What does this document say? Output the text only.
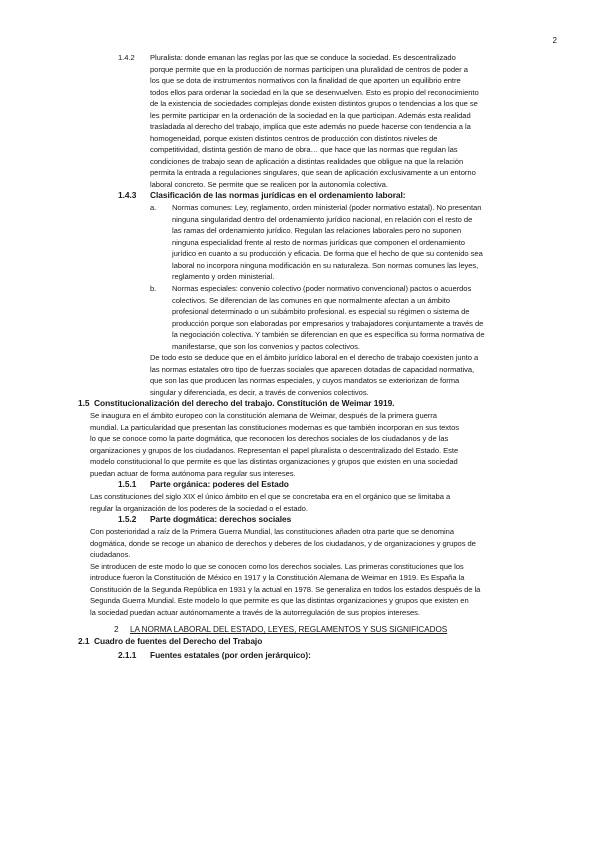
2
1.4.2 Pluralista: donde emanan las reglas por las que se conduce la sociedad. Es descentralizado
porque permite que en la producción de normas participen una pluralidad de centros de poder a
los que se dota de instrumentos normativos con la finalidad de que aporten un equilibrio entre
todos ellos para ordenar la sociedad en la que se desenvuelven. Esto es propio del reconocimiento
de la existencia de sociedades complejas donde existen distintos grupos o tendencias a los que se
les permite participar en la ordenación de la sociedad en la que participan. Además esta realidad
trasladada al derecho del trabajo, implica que este además no puede hacerse con tendencia a la
homogeneidad, porque existen distintos centros de producción con distintos niveles de
competitividad, distinta gestión de mano de obra… que hace que las normas que regulan las
condiciones de trabajo sean de aplicación a distintas realidades que obligue na que la relación
permita la entrada a regulaciones singulares, que sean de aplicación exclusivamente a un entorno
laboral concreto. Se permite que se realicen por la autonomía colectiva.
1.4.3 Clasificación de las normas jurídicas en el ordenamiento laboral:
a. Normas comunes: Ley, reglamento, orden ministerial (poder normativo estatal). No presentan
ninguna singularidad dentro del ordenamiento jurídico nacional, en relación con el resto de
las ramas del ordenamiento jurídico. Regulan las relaciones laborales pero no suponen
ninguna especialidad frente al resto de normas jurídicas que componen el ordenamiento
jurídico en cuanto a su producción y eficacia. De forma que el hecho de que su contenido sea
laboral no incorpora ninguna modificación en su naturaleza. Son normas comunes las leyes,
reglamento y orden ministerial.
b. Normas especiales: convenio colectivo (poder normativo convencional) pactos o acuerdos
colectivos. Se diferencian de las comunes en que normalmente afectan a un ámbito
profesional determinado o un subámbito profesional. es especial su régimen o sistema de
producción porque son elaboradas por empresarios y trabajadores conjuntamente a través de
la negociación colectiva. Y también se diferencian en que es específica su forma normativa de
manifestarse, que son los convenios y pactos colectivos.
De todo esto se deduce que en el ámbito jurídico laboral en el derecho de trabajo coexisten junto a
las normas estatales otro tipo de fuerzas sociales que aparecen dotadas de capacidad normativa,
que son las que producen las normas especiales, y cuyos mandatos se exteriorizan de forma
singular y diferenciada, es decir, a través de convenios colectivos.
1.5 Constitucionalización del derecho del trabajo. Constitución de Weimar 1919.
Se inaugura en el ámbito europeo con la constitución alemana de Weimar, después de la primera guerra
mundial. La particularidad que presentan las constituciones modernas es que también incorporan en sus textos
lo que se conoce como la parte dogmática, que reconocen los derechos sociales de los ciudadanos y de las
organizaciones y grupos de los ciudadanos. Representan el papel pluralista o descentralizado del Estado. Este
modelo constitucional lo que permite es que las distintas organizaciones y grupos que existen en una sociedad
puedan actuar de forma autónoma para regular sus intereses.
1.5.1 Parte orgánica: poderes del Estado
Las constituciones del siglo XIX el único ámbito en el que se concretaba era en el orgánico que se limitaba a
regular la organización de los poderes de la sociedad o el estado.
1.5.2 Parte dogmática: derechos sociales
Con posterioridad a raíz de la Primera Guerra Mundial, las constituciones añaden otra parte que se denomina
dogmática, donde se recoge un abanico de derechos y deberes de los ciudadanos, y de organizaciones y grupos de
ciudadanos.
Se introducen de este modo lo que se conocen como los derechos sociales. Las primeras constituciones que los
introduce fueron la Constitución de México en 1917 y la Constitución Alemana de Weimar en 1919. Es España la
Constitución de la Segunda República en 1931 y la actual en 1978. Se generaliza en todos los estados después de la
Segunda Guerra Mundial. Este modelo lo que permite es que las distintas organizaciones y grupos que existen en
la sociedad puedan actuar autónomamente a través de la autorregulación de sus propios intereses.
2 LA NORMA LABORAL DEL ESTADO, LEYES, REGLAMENTOS Y SUS SIGNIFICADOS
2.1 Cuadro de fuentes del Derecho del Trabajo
2.1.1 Fuentes estatales (por orden jerárquico):
